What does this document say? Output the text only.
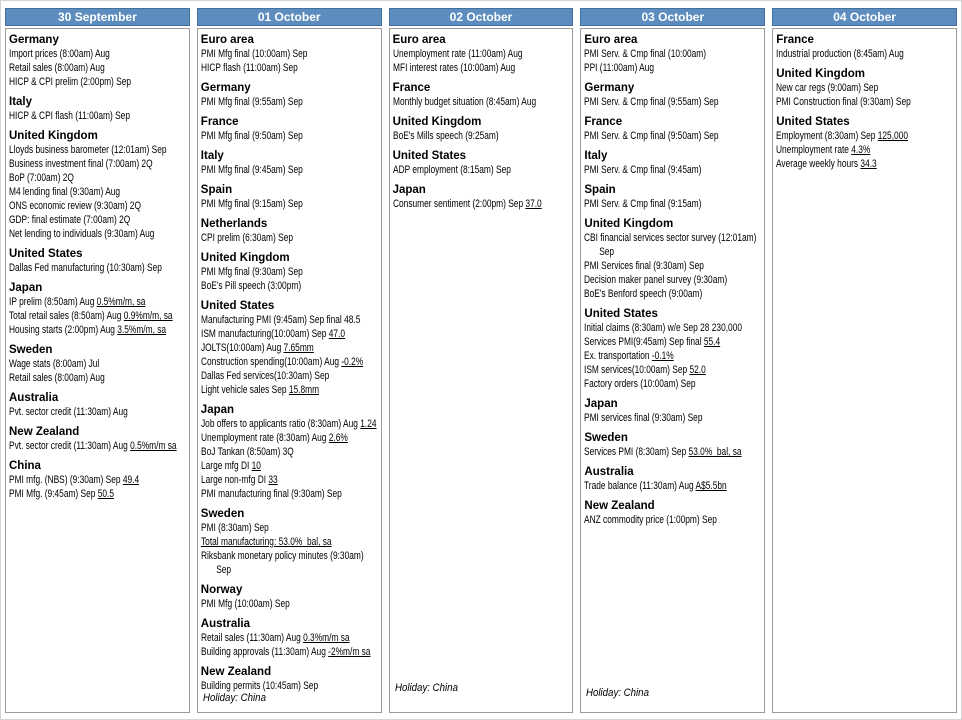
30 September
Germany
Import prices (8:00am) Aug
Retail sales (8:00am) Aug
HICP & CPI prelim (2:00pm) Sep
Italy
HICP & CPI flash (11:00am) Sep
United Kingdom
Lloyds business barometer (12:01am) Sep
Business investment final (7:00am) 2Q
BoP (7:00am) 2Q
M4 lending final (9:30am) Aug
ONS economic review (9:30am) 2Q
GDP: final estimate (7:00am) 2Q
Net lending to individuals (9:30am) Aug
United States
Dallas Fed manufacturing (10:30am) Sep
Japan
IP prelim (8:50am) Aug 0.5%m/m, sa
Total retail sales (8:50am) Aug 0.9%m/m, sa
Housing starts (2:00pm) Aug 3.5%m/m, sa
Sweden
Wage stats (8:00am) Jul
Retail sales (8:00am) Aug
Australia
Pvt. sector credit (11:30am) Aug
New Zealand
Pvt. sector credit (11:30am) Aug 0.5%m/m sa
China
PMI mfg. (NBS) (9:30am) Sep 49.4
PMI Mfg. (9:45am) Sep 50.5
01 October
Euro area
PMI Mfg final (10:00am) Sep
HICP flash (11:00am) Sep
Germany
PMI Mfg final (9:55am) Sep
France
PMI Mfg final (9:50am) Sep
Italy
PMI Mfg final (9:45am) Sep
Spain
PMI Mfg final (9:15am) Sep
Netherlands
CPI prelim (6:30am) Sep
United Kingdom
PMI Mfg final (9:30am) Sep
BoE's Pill speech (3:00pm)
United States
Manufacturing PMI (9:45am) Sep final 48.5
ISM manufacturing(10:00am) Sep 47.0
JOLTS(10:00am) Aug 7.65mm
Construction spending(10:00am) Aug -0.2%
Dallas Fed services(10:30am) Sep
Light vehicle sales Sep 15.8mm
Japan
Job offers to applicants ratio (8:30am) Aug 1.24
Unemployment rate (8:30am) Aug 2.6%
BoJ Tankan (8:50am) 3Q
Large mfg DI 10
Large non-mfg DI 33
PMI manufacturing final (9:30am) Sep
Sweden
PMI (8:30am) Sep
Total manufacturing: 53.0%  bal, sa
Riksbank monetary policy minutes (9:30am)
Sep
Norway
PMI Mfg (10:00am) Sep
Australia
Retail sales (11:30am) Aug 0.3%m/m sa
Building approvals (11:30am) Aug -2%m/m sa
New Zealand
Building permits (10:45am) Sep
Holiday: China
02 October
Euro area
Unemployment rate (11:00am) Aug
MFI interest rates (10:00am) Aug
France
Monthly budget situation (8:45am) Aug
United Kingdom
BoE's Mills speech (9:25am)
United States
ADP employment (8:15am) Sep
Japan
Consumer sentiment (2:00pm) Sep 37.0
Holiday: China
03 October
Euro area
PMI Serv. & Cmp final (10:00am)
PPI (11:00am) Aug
Germany
PMI Serv. & Cmp final (9:55am) Sep
France
PMI Serv. & Cmp final (9:50am) Sep
Italy
PMI Serv. & Cmp final (9:45am)
Spain
PMI Serv. & Cmp final (9:15am)
United Kingdom
CBI financial services sector survey (12:01am)
Sep
PMI Services final (9:30am) Sep
Decision maker panel survey (9:30am)
BoE's Benford speech (9:00am)
United States
Initial claims (8:30am) w/e Sep 28 230,000
Services PMI(9:45am) Sep final 55.4
Ex. transportation -0.1%
ISM services(10:00am) Sep 52.0
Factory orders (10:00am) Sep
Japan
PMI services final (9:30am) Sep
Sweden
Services PMI (8:30am) Sep 53.0%  bal, sa
Australia
Trade balance (11:30am) Aug A$5.5bn
New Zealand
ANZ commodity price (1:00pm) Sep
Holiday: China
04 October
France
Industrial production (8:45am) Aug
United Kingdom
New car regs (9:00am) Sep
PMI Construction final (9:30am) Sep
United States
Employment (8:30am) Sep 125,000
Unemployment rate 4.3%
Average weekly hours 34.3
